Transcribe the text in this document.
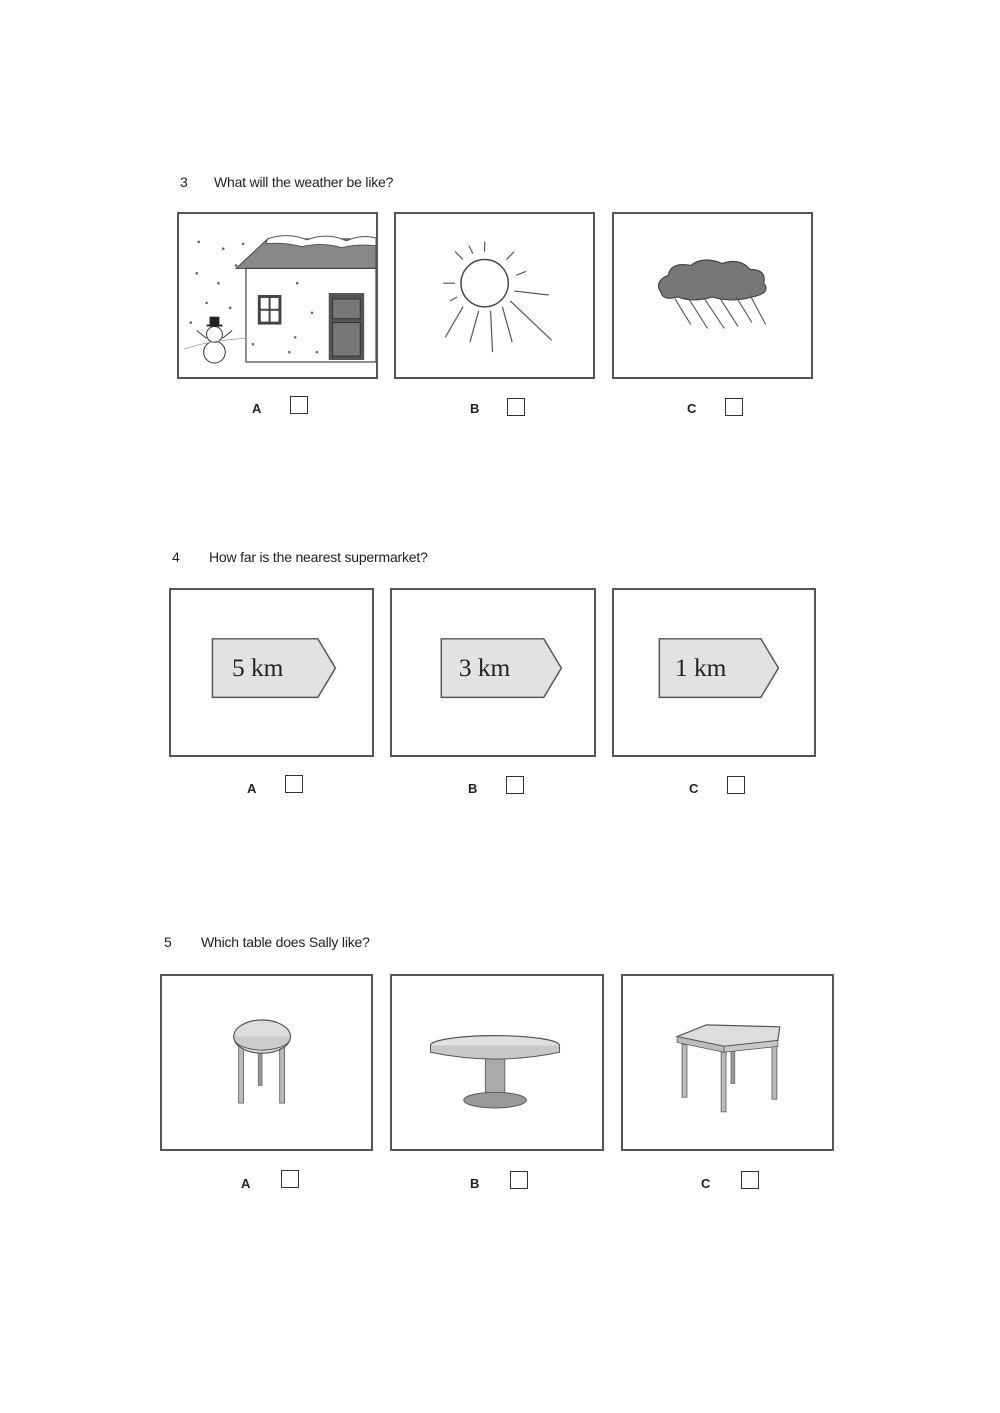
3 What will the weather be like?
A	B	C
4 How far is the nearest supermarket?
5 km	3 km	1 km
A	B	C
5 Which table does Sally like?
A	B	C
